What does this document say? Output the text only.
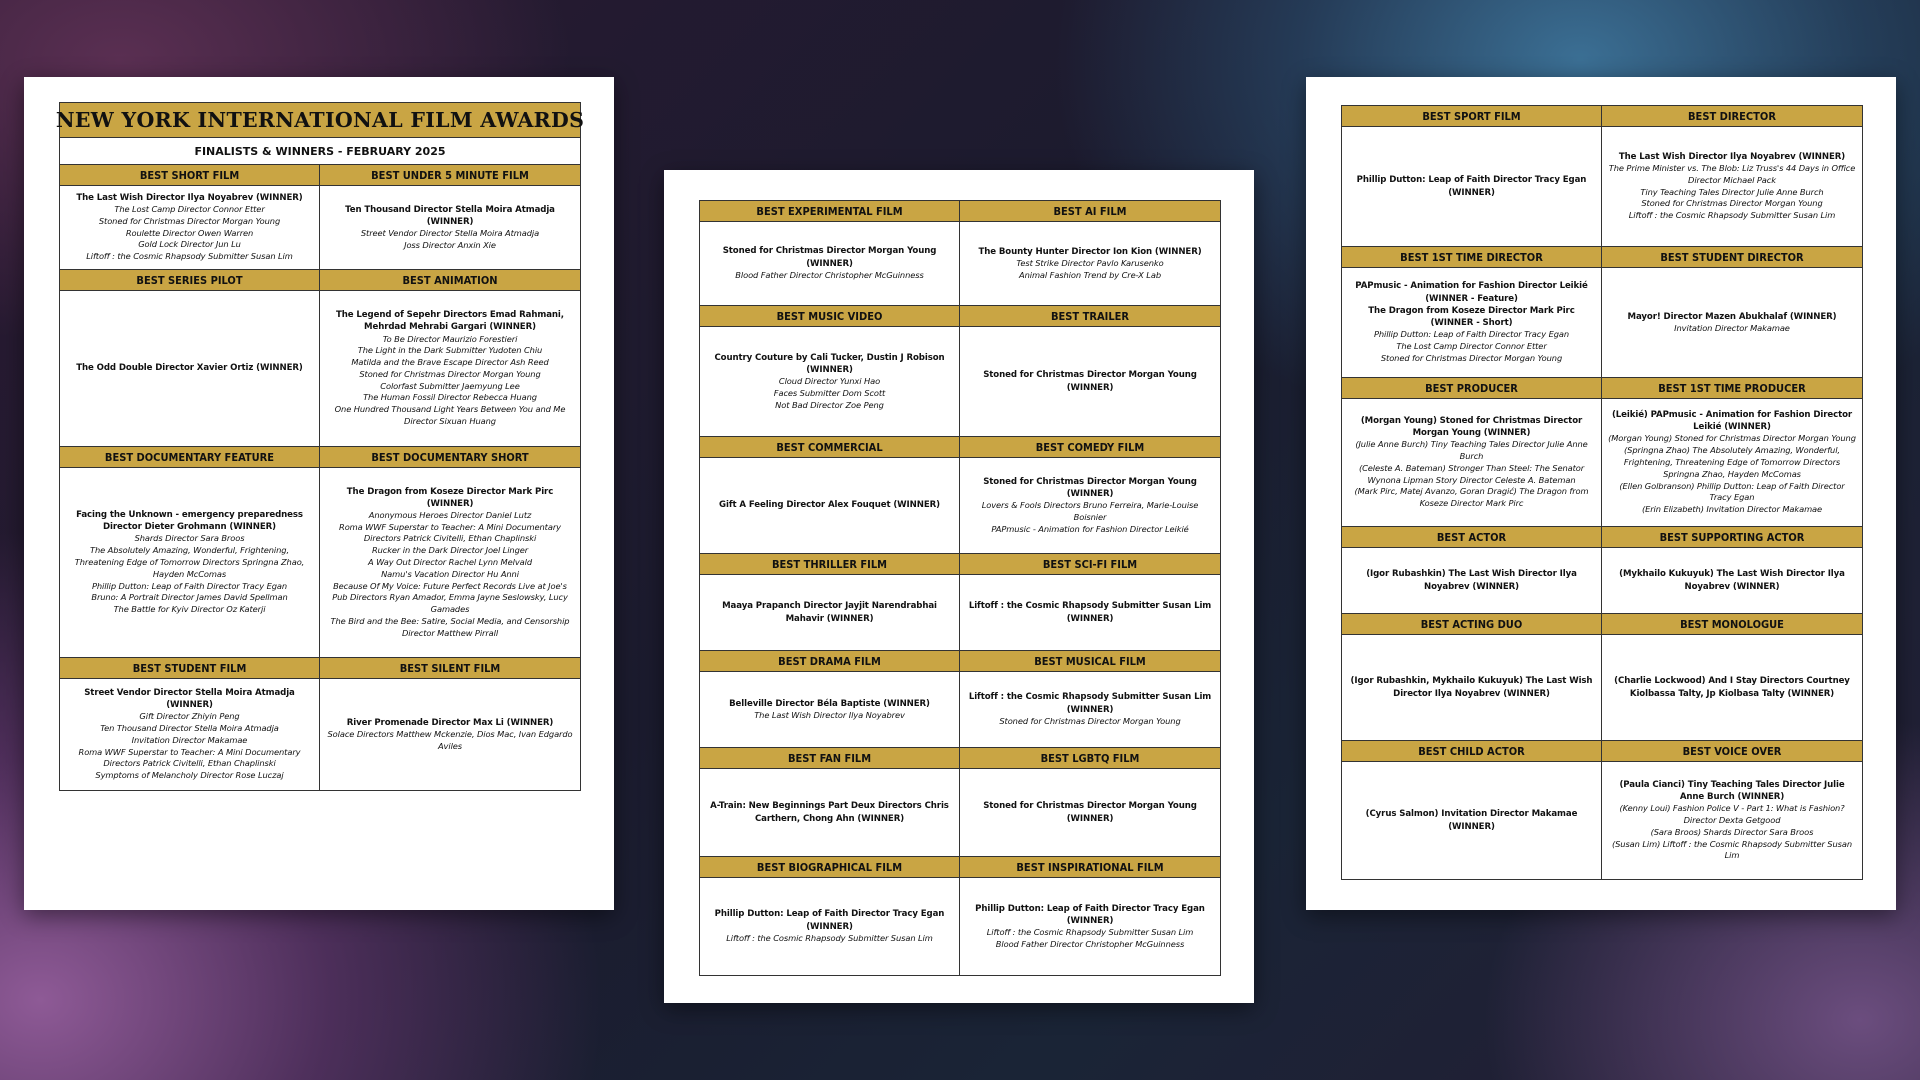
NEW YORK INTERNATIONAL FILM AWARDS
FINALISTS & WINNERS - FEBRUARY 2025
BEST SHORT FILM
The Last Wish Director Ilya Noyabrev (WINNER)
The Lost Camp Director Connor Etter
Stoned for Christmas Director Morgan Young
Roulette Director Owen Warren
Gold Lock Director Jun Lu
Liftoff : the Cosmic Rhapsody Submitter Susan Lim
BEST UNDER 5 MINUTE FILM
Ten Thousand Director Stella Moira Atmadja (WINNER)
Street Vendor Director Stella Moira Atmadja
Joss Director Anxin Xie
BEST SERIES PILOT
The Odd Double Director Xavier Ortiz (WINNER)
BEST ANIMATION
The Legend of Sepehr Directors Emad Rahmani, Mehrdad Mehrabi Gargari (WINNER)
To Be Director Maurizio Forestieri
The Light in the Dark Submitter Yudoten Chiu
Matilda and the Brave Escape Director Ash Reed
Stoned for Christmas Director Morgan Young
Colorfast Submitter Jaemyung Lee
The Human Fossil Director Rebecca Huang
One Hundred Thousand Light Years Between You and Me Director Sixuan Huang
BEST DOCUMENTARY FEATURE
Facing the Unknown - emergency preparedness Director Dieter Grohmann (WINNER)
Shards Director Sara Broos
The Absolutely Amazing, Wonderful, Frightening, Threatening Edge of Tomorrow Directors Springna Zhao, Hayden McComas
Phillip Dutton: Leap of Faith Director Tracy Egan
Bruno: A Portrait Director James David Spellman
The Battle for Kyiv Director Oz Katerji
BEST DOCUMENTARY SHORT
The Dragon from Koseze Director Mark Pirc (WINNER)
Anonymous Heroes Director Daniel Lutz
Roma WWF Superstar to Teacher: A Mini Documentary Directors Patrick Civitelli, Ethan Chaplinski
Rucker in the Dark Director Joel Linger
A Way Out Director Rachel Lynn Melvald
Namu's Vacation Director Hu Anni
Because Of My Voice: Future Perfect Records Live at Joe's Pub Directors Ryan Amador, Emma Jayne Seslowsky, Lucy Gamades
The Bird and the Bee: Satire, Social Media, and Censorship Director Matthew Pirrall
BEST STUDENT FILM
Street Vendor Director Stella Moira Atmadja (WINNER)
Gift Director Zhiyin Peng
Ten Thousand Director Stella Moira Atmadja
Invitation Director Makamae
Roma WWF Superstar to Teacher: A Mini Documentary Directors Patrick Civitelli, Ethan Chaplinski
Symptoms of Melancholy Director Rose Luczaj
BEST SILENT FILM
River Promenade Director Max Li (WINNER)
Solace Directors Matthew Mckenzie, Dios Mac, Ivan Edgardo Aviles
BEST EXPERIMENTAL FILM
Stoned for Christmas Director Morgan Young (WINNER)
Blood Father Director Christopher McGuinness
BEST AI FILM
The Bounty Hunter Director Ion Kion (WINNER)
Test Strike Director Pavlo Karusenko
Animal Fashion Trend by Cre-X Lab
BEST MUSIC VIDEO
Country Couture by Cali Tucker, Dustin J Robison (WINNER)
Cloud Director Yunxi Hao
Faces Submitter Dom Scott
Not Bad Director Zoe Peng
BEST TRAILER
Stoned for Christmas Director Morgan Young (WINNER)
BEST COMMERCIAL
Gift A Feeling Director Alex Fouquet (WINNER)
BEST COMEDY FILM
Stoned for Christmas Director Morgan Young (WINNER)
Lovers & Fools Directors Bruno Ferreira, Marie-Louise Boisnier
PAPmusic - Animation for Fashion Director Leikié
BEST THRILLER FILM
Maaya Prapanch Director Jayjit Narendrabhai Mahavir (WINNER)
BEST SCI-FI FILM
Liftoff : the Cosmic Rhapsody Submitter Susan Lim (WINNER)
BEST DRAMA FILM
Belleville Director Béla Baptiste (WINNER)
The Last Wish Director Ilya Noyabrev
BEST MUSICAL FILM
Liftoff : the Cosmic Rhapsody Submitter Susan Lim (WINNER)
Stoned for Christmas Director Morgan Young
BEST FAN FILM
A-Train: New Beginnings Part Deux Directors Chris Carthern, Chong Ahn (WINNER)
BEST LGBTQ FILM
Stoned for Christmas Director Morgan Young (WINNER)
BEST BIOGRAPHICAL FILM
Phillip Dutton: Leap of Faith Director Tracy Egan (WINNER)
Liftoff : the Cosmic Rhapsody Submitter Susan Lim
BEST INSPIRATIONAL FILM
Phillip Dutton: Leap of Faith Director Tracy Egan (WINNER)
Liftoff : the Cosmic Rhapsody Submitter Susan Lim
Blood Father Director Christopher McGuinness
BEST SPORT FILM
Phillip Dutton: Leap of Faith Director Tracy Egan (WINNER)
BEST DIRECTOR
The Last Wish Director Ilya Noyabrev (WINNER)
The Prime Minister vs. The Blob: Liz Truss's 44 Days in Office Director Michael Pack
Tiny Teaching Tales Director Julie Anne Burch
Stoned for Christmas Director Morgan Young
Liftoff : the Cosmic Rhapsody Submitter Susan Lim
BEST 1ST TIME DIRECTOR
PAPmusic - Animation for Fashion Director Leikié (WINNER - Feature)
The Dragon from Koseze Director Mark Pirc (WINNER - Short)
Phillip Dutton: Leap of Faith Director Tracy Egan
The Lost Camp Director Connor Etter
Stoned for Christmas Director Morgan Young
BEST STUDENT DIRECTOR
Mayor! Director Mazen Abukhalaf (WINNER)
Invitation Director Makamae
BEST PRODUCER
(Morgan Young) Stoned for Christmas Director Morgan Young (WINNER)
(Julie Anne Burch) Tiny Teaching Tales Director Julie Anne Burch
(Celeste A. Bateman) Stronger Than Steel: The Senator Wynona Lipman Story Director Celeste A. Bateman
(Mark Pirc, Matej Avanzo, Goran Dragić) The Dragon from Koseze Director Mark Pirc
BEST 1ST TIME PRODUCER
(Leikié) PAPmusic - Animation for Fashion Director Leikié (WINNER)
(Morgan Young) Stoned for Christmas Director Morgan Young
(Springna Zhao) The Absolutely Amazing, Wonderful, Frightening, Threatening Edge of Tomorrow Directors Springna Zhao, Hayden McComas
(Ellen Golbranson) Phillip Dutton: Leap of Faith Director Tracy Egan
(Erin Elizabeth) Invitation Director Makamae
BEST ACTOR
(Igor Rubashkin) The Last Wish Director Ilya Noyabrev (WINNER)
BEST SUPPORTING ACTOR
(Mykhailo Kukuyuk) The Last Wish Director Ilya Noyabrev (WINNER)
BEST ACTING DUO
(Igor Rubashkin, Mykhailo Kukuyuk) The Last Wish Director Ilya Noyabrev (WINNER)
BEST MONOLOGUE
(Charlie Lockwood) And I Stay Directors Courtney Kiolbassa Talty, Jp Kiolbasa Talty (WINNER)
BEST CHILD ACTOR
(Cyrus Salmon) Invitation Director Makamae (WINNER)
BEST VOICE OVER
(Paula Cianci) Tiny Teaching Tales Director Julie Anne Burch (WINNER)
(Kenny Loui) Fashion Police V - Part 1: What is Fashion? Director Dexta Getgood
(Sara Broos) Shards Director Sara Broos
(Susan Lim) Liftoff : the Cosmic Rhapsody Submitter Susan Lim
